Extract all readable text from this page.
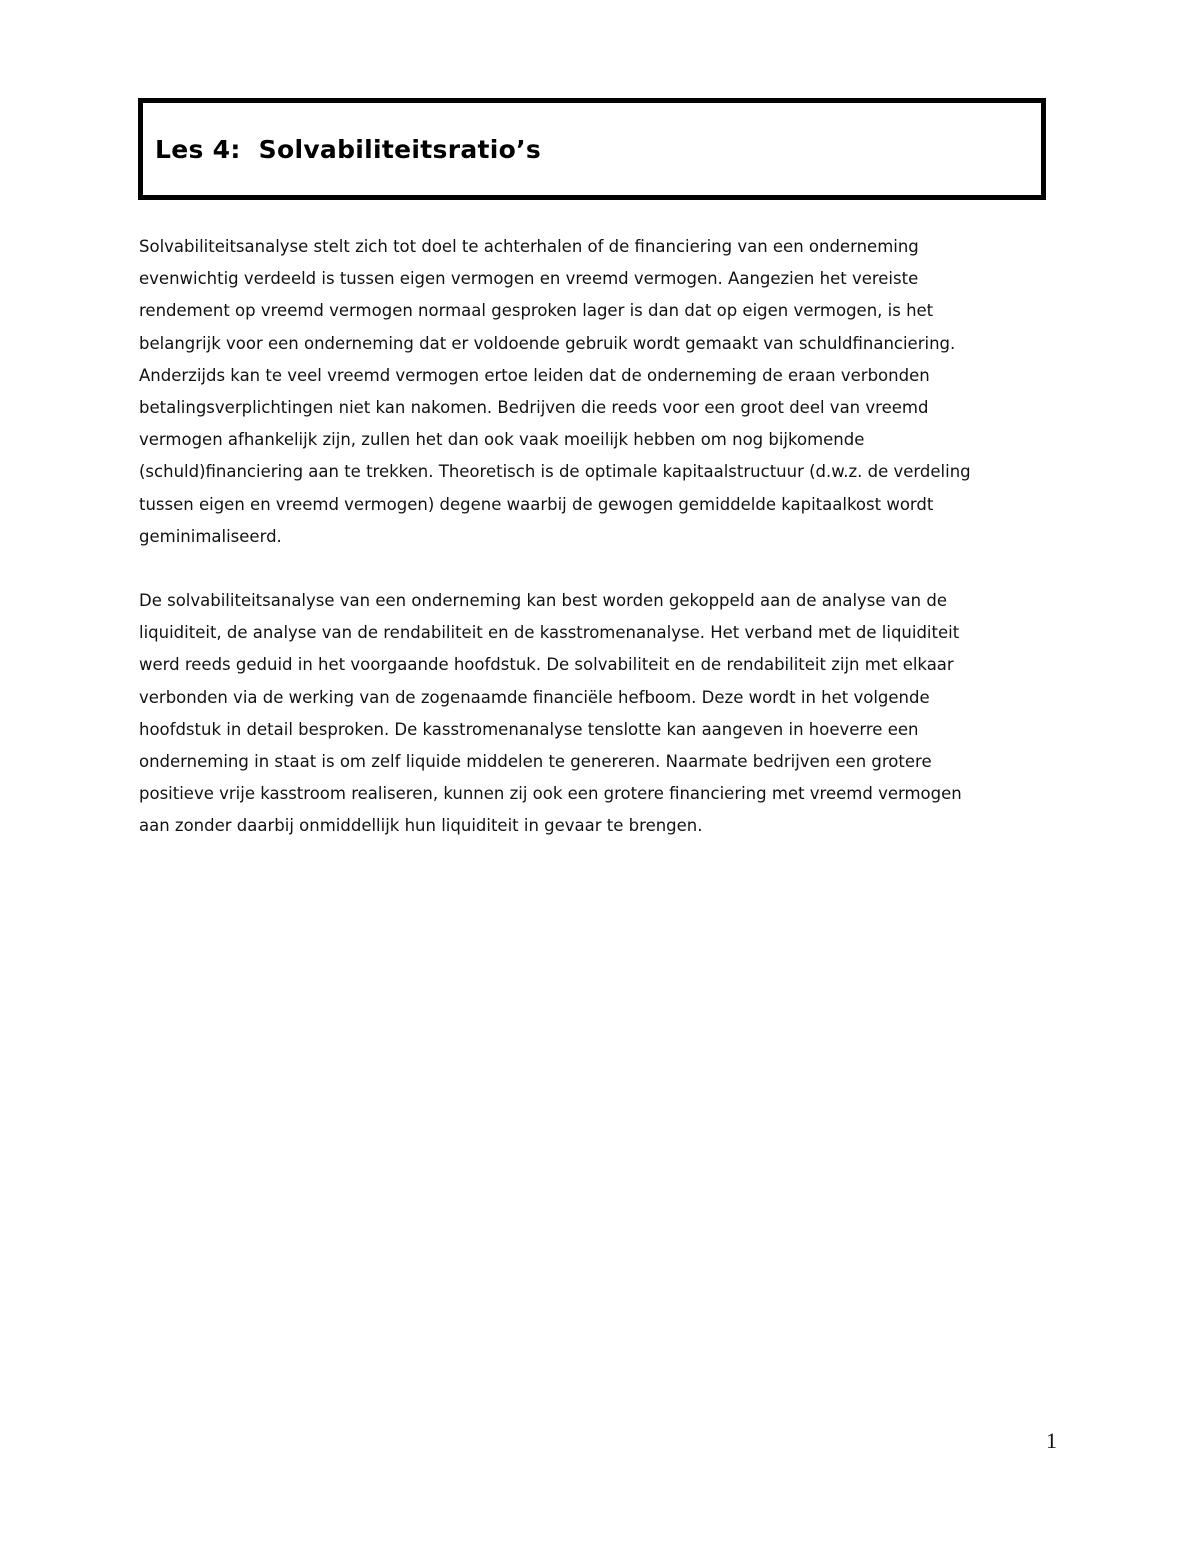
Les 4:  Solvabiliteitsratio’s

Solvabiliteitsanalyse stelt zich tot doel te achterhalen of de financiering van een onderneming
evenwichtig verdeeld is tussen eigen vermogen en vreemd vermogen. Aangezien het vereiste
rendement op vreemd vermogen normaal gesproken lager is dan dat op eigen vermogen, is het
belangrijk voor een onderneming dat er voldoende gebruik wordt gemaakt van schuldfinanciering.
Anderzijds kan te veel vreemd vermogen ertoe leiden dat de onderneming de eraan verbonden
betalingsverplichtingen niet kan nakomen. Bedrijven die reeds voor een groot deel van vreemd
vermogen afhankelijk zijn, zullen het dan ook vaak moeilijk hebben om nog bijkomende
(schuld)financiering aan te trekken. Theoretisch is de optimale kapitaalstructuur (d.w.z. de verdeling
tussen eigen en vreemd vermogen) degene waarbij de gewogen gemiddelde kapitaalkost wordt
geminimaliseerd.

De solvabiliteitsanalyse van een onderneming kan best worden gekoppeld aan de analyse van de
liquiditeit, de analyse van de rendabiliteit en de kasstromenanalyse. Het verband met de liquiditeit
werd reeds geduid in het voorgaande hoofdstuk. De solvabiliteit en de rendabiliteit zijn met elkaar
verbonden via de werking van de zogenaamde financiële hefboom. Deze wordt in het volgende
hoofdstuk in detail besproken. De kasstromenanalyse tenslotte kan aangeven in hoeverre een
onderneming in staat is om zelf liquide middelen te genereren. Naarmate bedrijven een grotere
positieve vrije kasstroom realiseren, kunnen zij ook een grotere financiering met vreemd vermogen
aan zonder daarbij onmiddellijk hun liquiditeit in gevaar te brengen.

1
